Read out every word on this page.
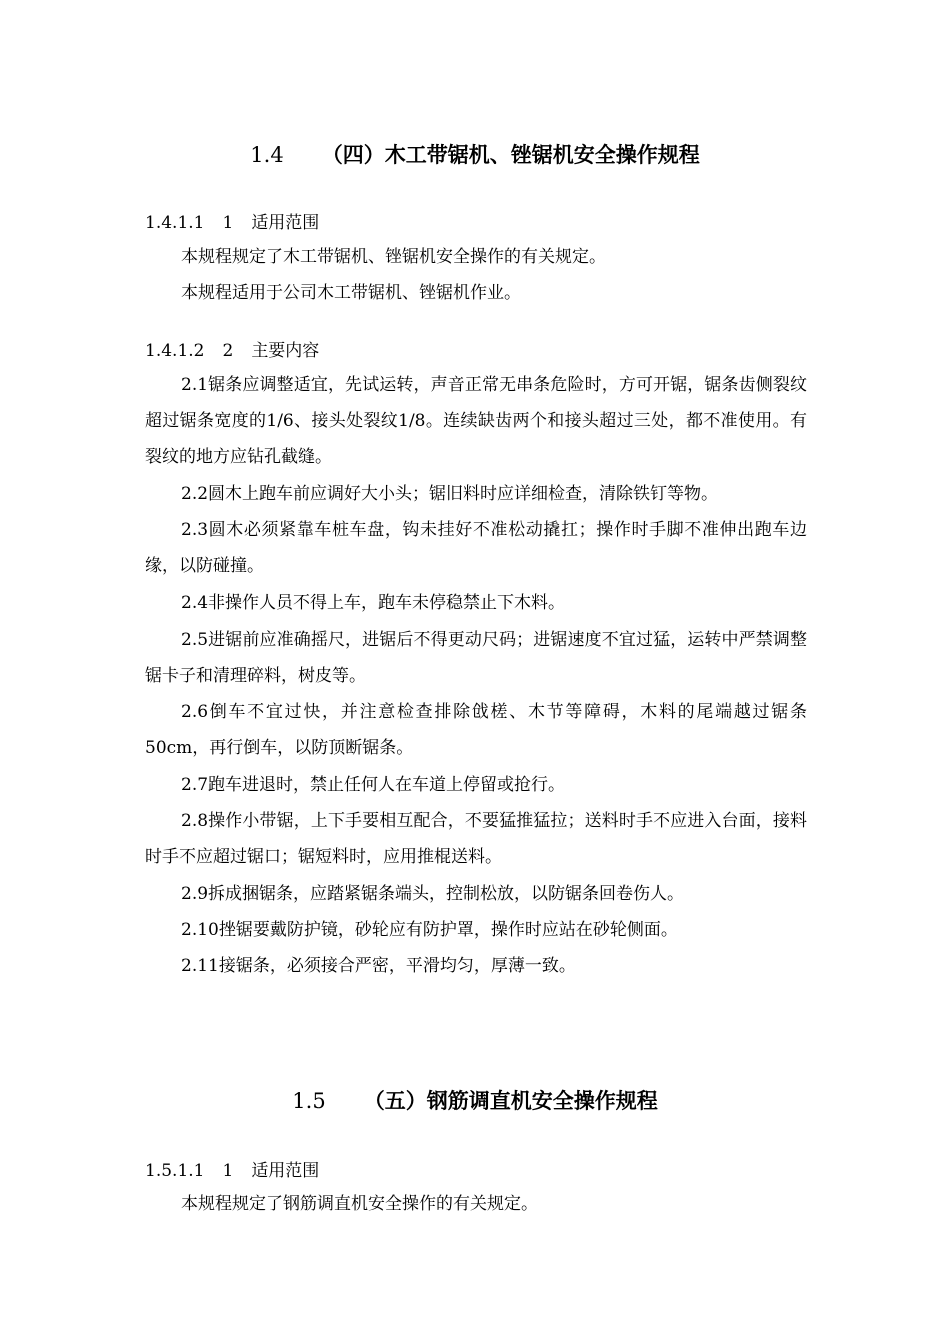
1.4 （四）木工带锯机、锉锯机安全操作规程
1.4.1.1 1 适用范围

本规程规定了木工带锯机、锉锯机安全操作的有关规定。

本规程适用于公司木工带锯机、锉锯机作业。

1.4.1.2 2 主要内容

2.1锯条应调整适宜，先试运转，声音正常无串条危险时，方可开锯，锯条齿侧裂纹超过锯条宽度的1/6、接头处裂纹1/8。连续缺齿两个和接头超过三处，都不准使用。有裂纹的地方应钻孔截缝。

2.2圆木上跑车前应调好大小头；锯旧料时应详细检查，清除铁钉等物。

2.3圆木必须紧靠车桩车盘，钩未挂好不准松动撬扛；操作时手脚不准伸出跑车边缘，以防碰撞。

2.4非操作人员不得上车，跑车未停稳禁止下木料。

2.5进锯前应准确摇尺，进锯后不得更动尺码；进锯速度不宜过猛，运转中严禁调整锯卡子和清理碎料，树皮等。

2.6倒车不宜过快，并注意检查排除戗槎、木节等障碍，木料的尾端越过锯条50cm，再行倒车，以防顶断锯条。

2.7跑车进退时，禁止任何人在车道上停留或抢行。

2.8操作小带锯，上下手要相互配合，不要猛推猛拉；送料时手不应进入台面，接料时手不应超过锯口；锯短料时，应用推棍送料。

2.9拆成捆锯条，应踏紧锯条端头，控制松放，以防锯条回卷伤人。

2.10挫锯要戴防护镜，砂轮应有防护罩，操作时应站在砂轮侧面。

2.11接锯条，必须接合严密，平滑均匀，厚薄一致。

1.5 （五）钢筋调直机安全操作规程
1.5.1.1 1 适用范围

本规程规定了钢筋调直机安全操作的有关规定。
